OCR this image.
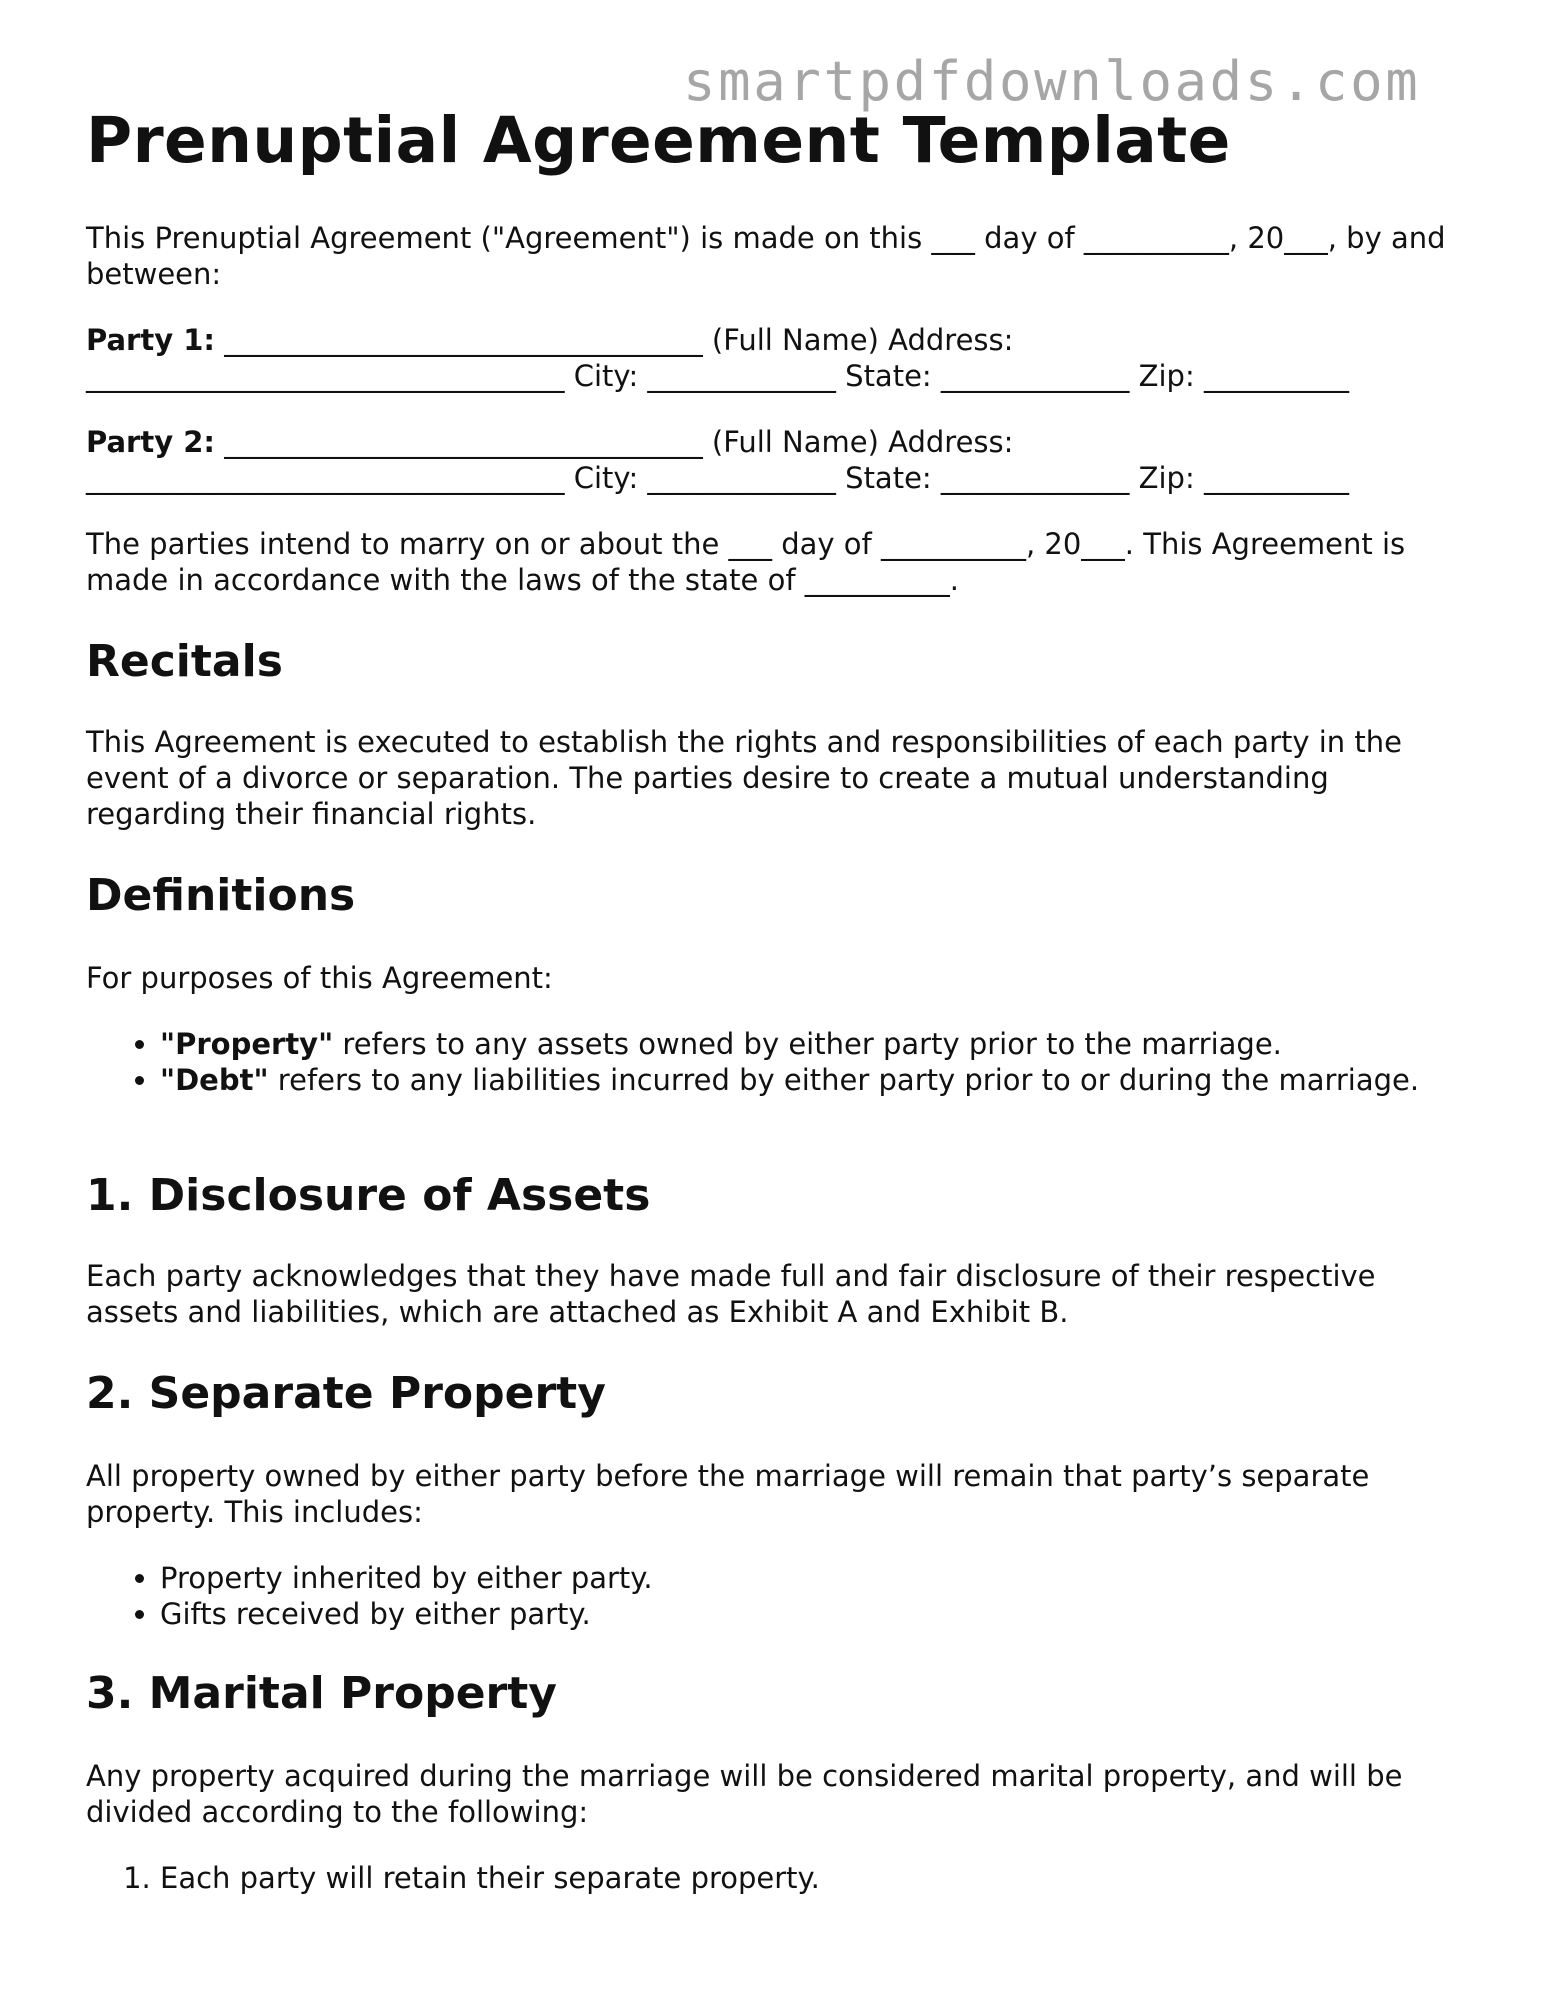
smartpdfdownloads.com
Prenuptial Agreement Template

This Prenuptial Agreement ("Agreement") is made on this ___ day of __________, 20___, by and between:

Party 1: _________________________________ (Full Name) Address:
_________________________________ City: _____________ State: _____________ Zip: __________

Party 2: _________________________________ (Full Name) Address:
_________________________________ City: _____________ State: _____________ Zip: __________

The parties intend to marry on or about the ___ day of __________, 20___. This Agreement is made in accordance with the laws of the state of __________.

Recitals

This Agreement is executed to establish the rights and responsibilities of each party in the event of a divorce or separation. The parties desire to create a mutual understanding regarding their financial rights.

Definitions

For purposes of this Agreement:

• "Property" refers to any assets owned by either party prior to the marriage.
• "Debt" refers to any liabilities incurred by either party prior to or during the marriage.
1. Disclosure of Assets

Each party acknowledges that they have made full and fair disclosure of their respective assets and liabilities, which are attached as Exhibit A and Exhibit B.

2. Separate Property

All property owned by either party before the marriage will remain that party’s separate property. This includes:

• Property inherited by either party.
• Gifts received by either party.
3. Marital Property

Any property acquired during the marriage will be considered marital property, and will be divided according to the following:

1. Each party will retain their separate property.
